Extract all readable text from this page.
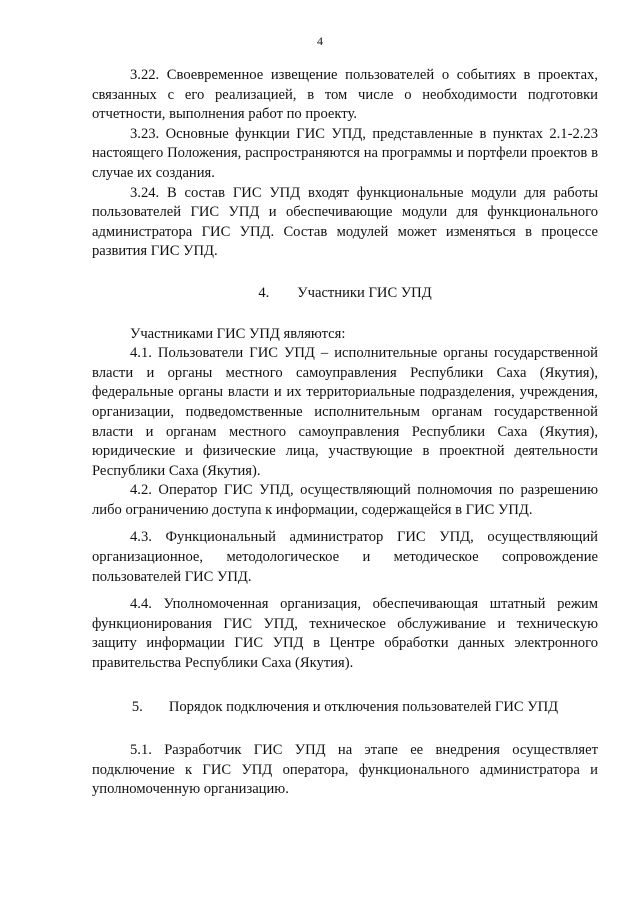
4

3.22. Своевременное извещение пользователей о событиях в проектах, связанных с его реализацией, в том числе о необходимости подготовки отчетности, выполнения работ по проекту.

3.23. Основные функции ГИС УПД, представленные в пунктах 2.1-2.23 настоящего Положения, распространяются на программы и портфели проектов в случае их создания.

3.24. В состав ГИС УПД входят функциональные модули для работы пользователей ГИС УПД и обеспечивающие модули для функционального администратора ГИС УПД. Состав модулей может изменяться в процессе развития ГИС УПД.

4. Участники ГИС УПД

Участниками ГИС УПД являются:

4.1. Пользователи ГИС УПД – исполнительные органы государственной власти и органы местного самоуправления Республики Саха (Якутия), федеральные органы власти и их территориальные подразделения, учреждения, организации, подведомственные исполнительным органам государственной власти и органам местного самоуправления Республики Саха (Якутия), юридические и физические лица, участвующие в проектной деятельности Республики Саха (Якутия).

4.2. Оператор ГИС УПД, осуществляющий полномочия по разрешению либо ограничению доступа к информации, содержащейся в ГИС УПД.

4.3. Функциональный администратор ГИС УПД, осуществляющий организационное, методологическое и методическое сопровождение пользователей ГИС УПД.

4.4. Уполномоченная организация, обеспечивающая штатный режим функционирования ГИС УПД, техническое обслуживание и техническую защиту информации ГИС УПД в Центре обработки данных электронного правительства Республики Саха (Якутия).

5. Порядок подключения и отключения пользователей ГИС УПД

5.1. Разработчик ГИС УПД на этапе ее внедрения осуществляет подключение к ГИС УПД оператора, функционального администратора и уполномоченную организацию.
